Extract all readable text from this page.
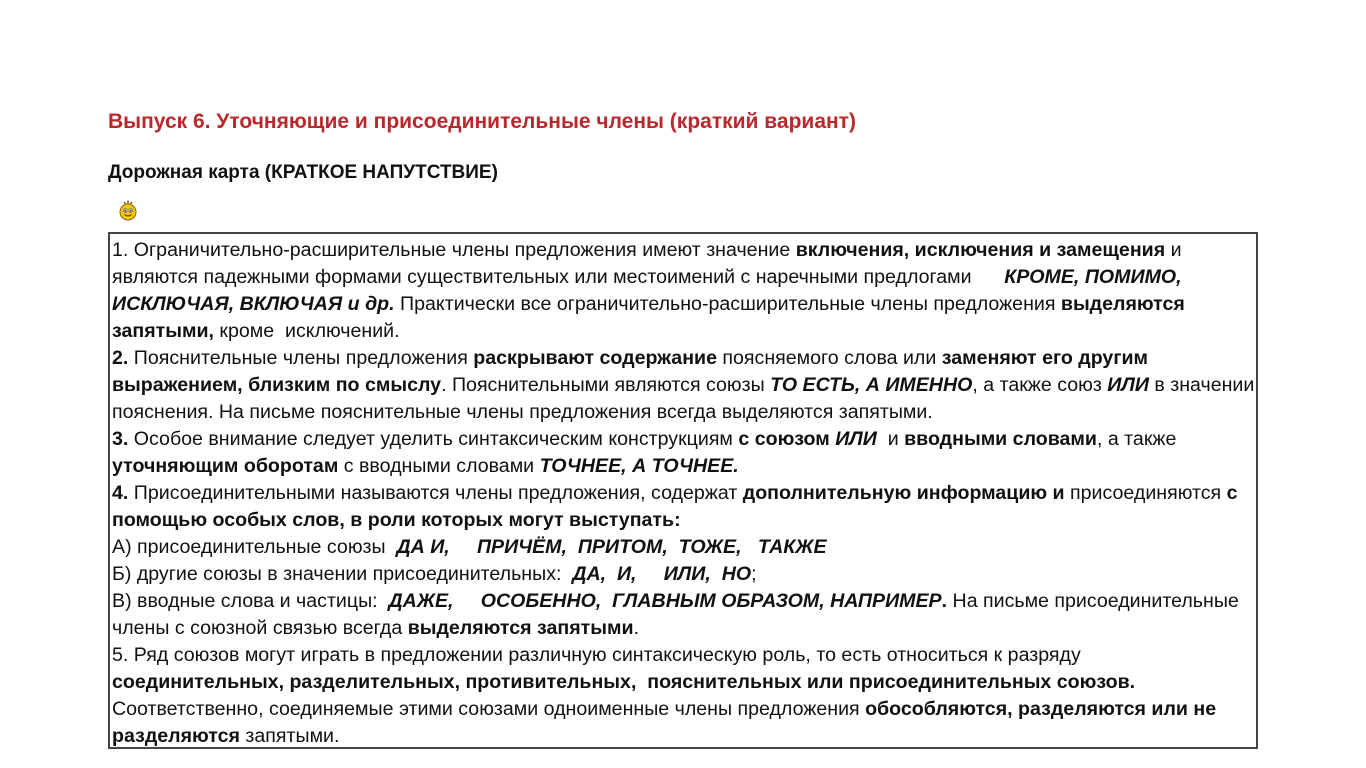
Выпуск 6. Уточняющие и присоединительные члены (краткий вариант)
Дорожная карта (КРАТКОЕ НАПУТСТВИЕ)
1. Ограничительно-расширительные члены предложения имеют значение включения, исключения и замещения и являются падежными формами существительных или местоимений с наречными предлогами      КРОМЕ, ПОМИМО, ИСКЛЮЧАЯ, ВКЛЮЧАЯ и др. Практически все ограничительно-расширительные члены предложения выделяются запятыми, кроме  исключений.
2. Пояснительные члены предложения раскрывают содержание поясняемого слова или заменяют его другим выражением, близким по смыслу. Пояснительными являются союзы ТО ЕСТЬ, А ИМЕННО, а также союз ИЛИ в значении пояснения. На письме пояснительные члены предложения всегда выделяются запятыми.
3. Особое внимание следует уделить синтаксическим конструкциям с союзом ИЛИ  и вводными словами, а также уточняющим оборотам с вводными словами ТОЧНЕЕ, А ТОЧНЕЕ.
4. Присоединительными называются члены предложения, содержат дополнительную информацию и присоединяются с помощью особых слов, в роли которых могут выступать:
А) присоединительные союзы  ДА И,     ПРИЧЁМ,  ПРИТОМ,  ТОЖЕ,   ТАКЖЕ
Б) другие союзы в значении присоединительных:  ДА,  И,     ИЛИ,  НО;
В) вводные слова и частицы:  ДАЖЕ,     ОСОБЕННО,  ГЛАВНЫМ ОБРАЗОМ, НАПРИМЕР. На письме присоединительные члены с союзной связью всегда выделяются запятыми.
5. Ряд союзов могут играть в предложении различную синтаксическую роль, то есть относиться к разряду соединительных, разделительных, противительных,  пояснительных или присоединительных союзов. Соответственно, соединяемые этими союзами одноименные члены предложения обособляются, разделяются или не разделяются запятыми.
